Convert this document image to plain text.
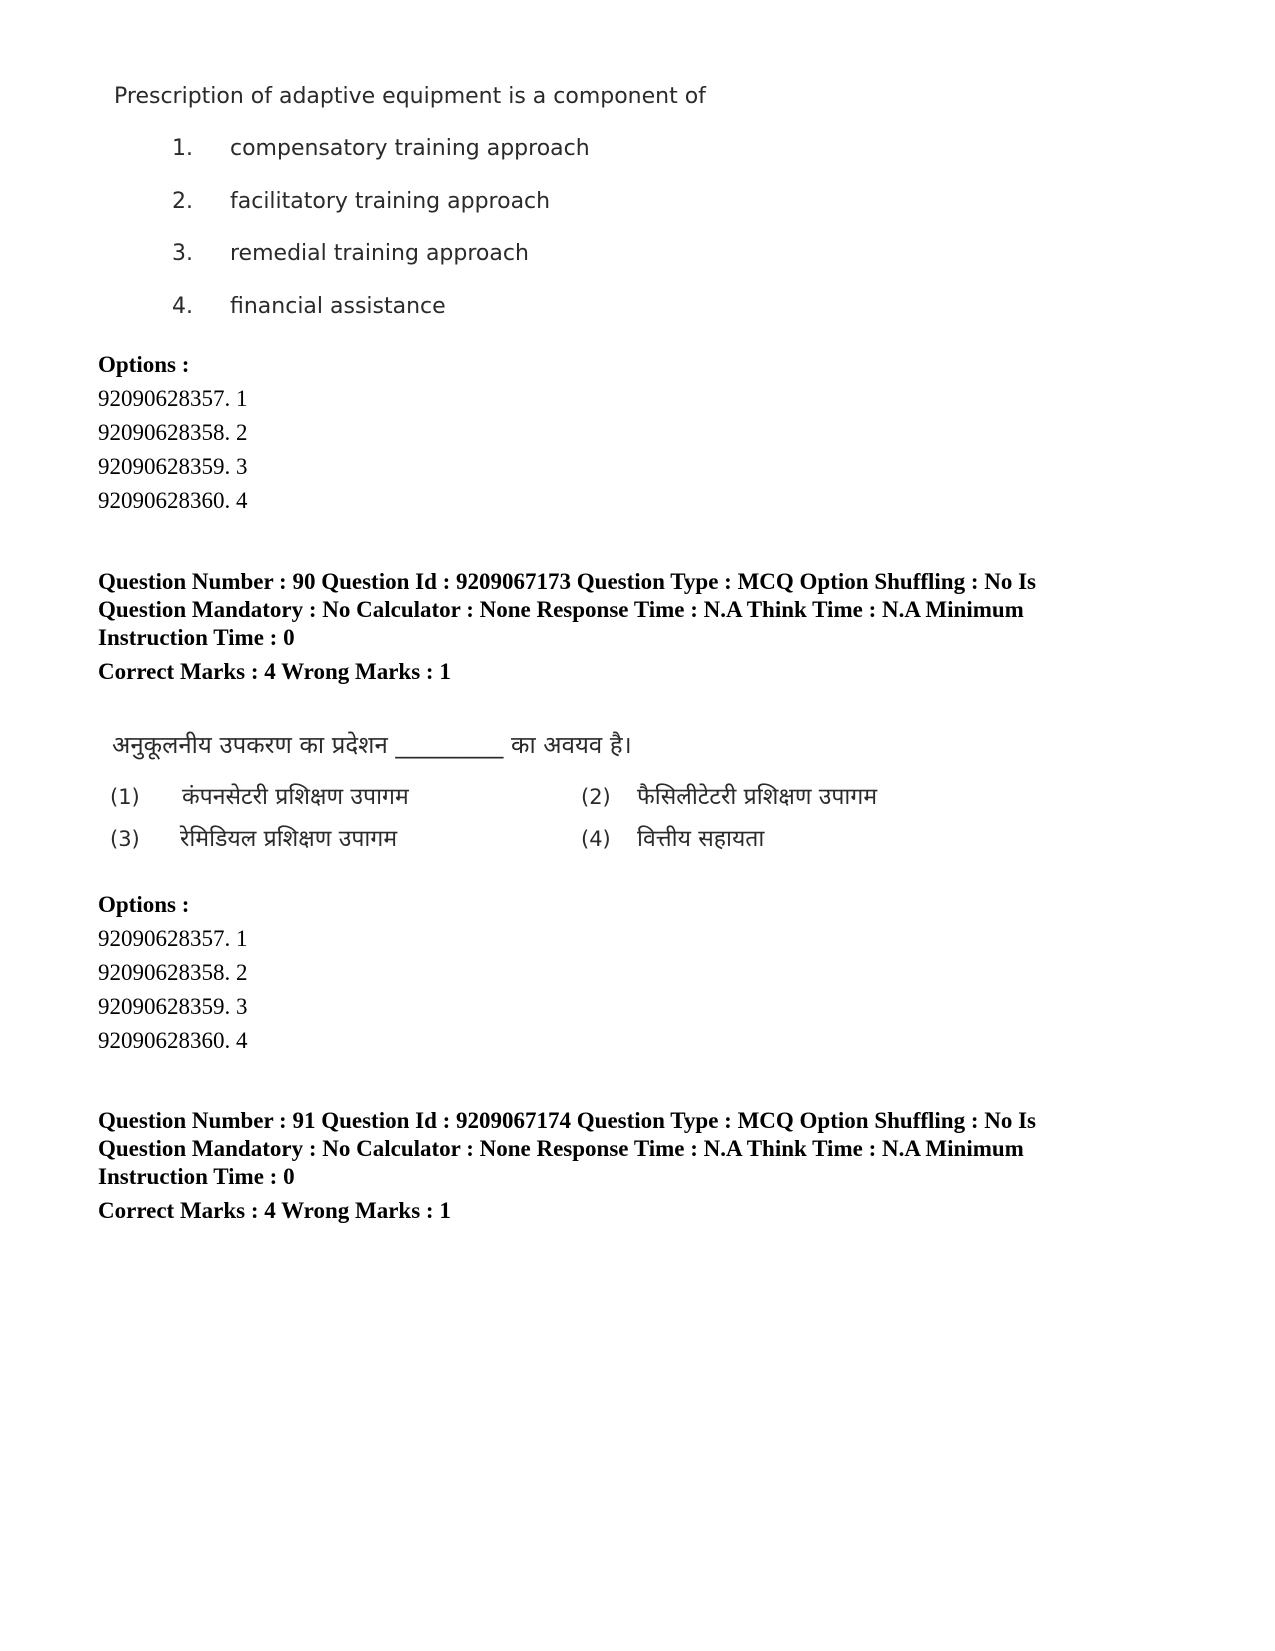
Prescription of adaptive equipment is a component of

1. compensatory training approach
2. facilitatory training approach
3. remedial training approach
4. financial assistance

Options :

92090628357. 1

92090628358. 2

92090628359. 3

92090628360. 4

Question Number : 90 Question Id : 9209067173 Question Type : MCQ Option Shuffling : No Is

Question Mandatory : No Calculator : None Response Time : N.A Think Time : N.A Minimum

Instruction Time : 0

Correct Marks : 4 Wrong Marks : 1

अनुकूलनीय उपकरण का प्रदेशन _________ का अवयव है।
(1) कंपनसेटरी प्रशिक्षण उपागम	(2) फैसिलीटेटरी प्रशिक्षण उपागम
(3) रेमिडियल प्रशिक्षण उपागम	(4) वित्तीय सहायता

Options :

92090628357. 1

92090628358. 2

92090628359. 3

92090628360. 4

Question Number : 91 Question Id : 9209067174 Question Type : MCQ Option Shuffling : No Is

Question Mandatory : No Calculator : None Response Time : N.A Think Time : N.A Minimum

Instruction Time : 0

Correct Marks : 4 Wrong Marks : 1
